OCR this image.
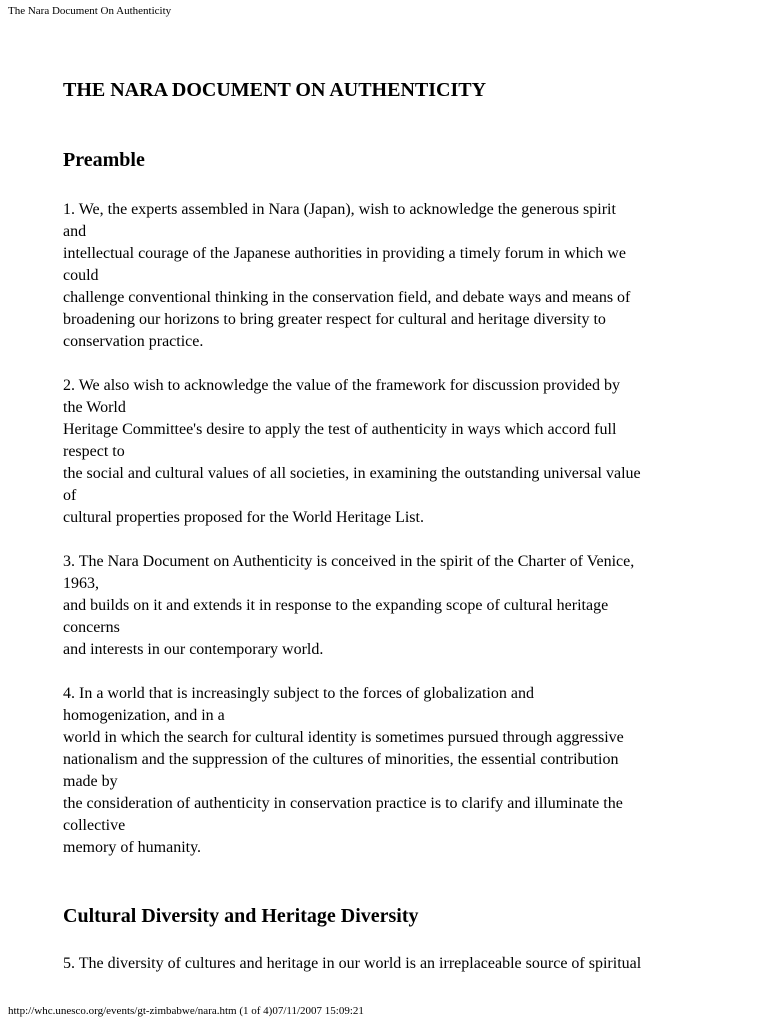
The Nara Document On Authenticity
THE NARA DOCUMENT ON AUTHENTICITY
Preamble

1. We, the experts assembled in Nara (Japan), wish to acknowledge the generous spirit
and
intellectual courage of the Japanese authorities in providing a timely forum in which we
could
challenge conventional thinking in the conservation field, and debate ways and means of
broadening our horizons to bring greater respect for cultural and heritage diversity to
conservation practice.

2. We also wish to acknowledge the value of the framework for discussion provided by
the World
Heritage Committee's desire to apply the test of authenticity in ways which accord full
respect to
the social and cultural values of all societies, in examining the outstanding universal value
of
cultural properties proposed for the World Heritage List.

3. The Nara Document on Authenticity is conceived in the spirit of the Charter of Venice,
1963,
and builds on it and extends it in response to the expanding scope of cultural heritage
concerns
and interests in our contemporary world.

4. In a world that is increasingly subject to the forces of globalization and
homogenization, and in a
world in which the search for cultural identity is sometimes pursued through aggressive
nationalism and the suppression of the cultures of minorities, the essential contribution
made by
the consideration of authenticity in conservation practice is to clarify and illuminate the
collective
memory of humanity.

Cultural Diversity and Heritage Diversity

5. The diversity of cultures and heritage in our world is an irreplaceable source of spiritual

http://whc.unesco.org/events/gt-zimbabwe/nara.htm (1 of 4)07/11/2007 15:09:21
